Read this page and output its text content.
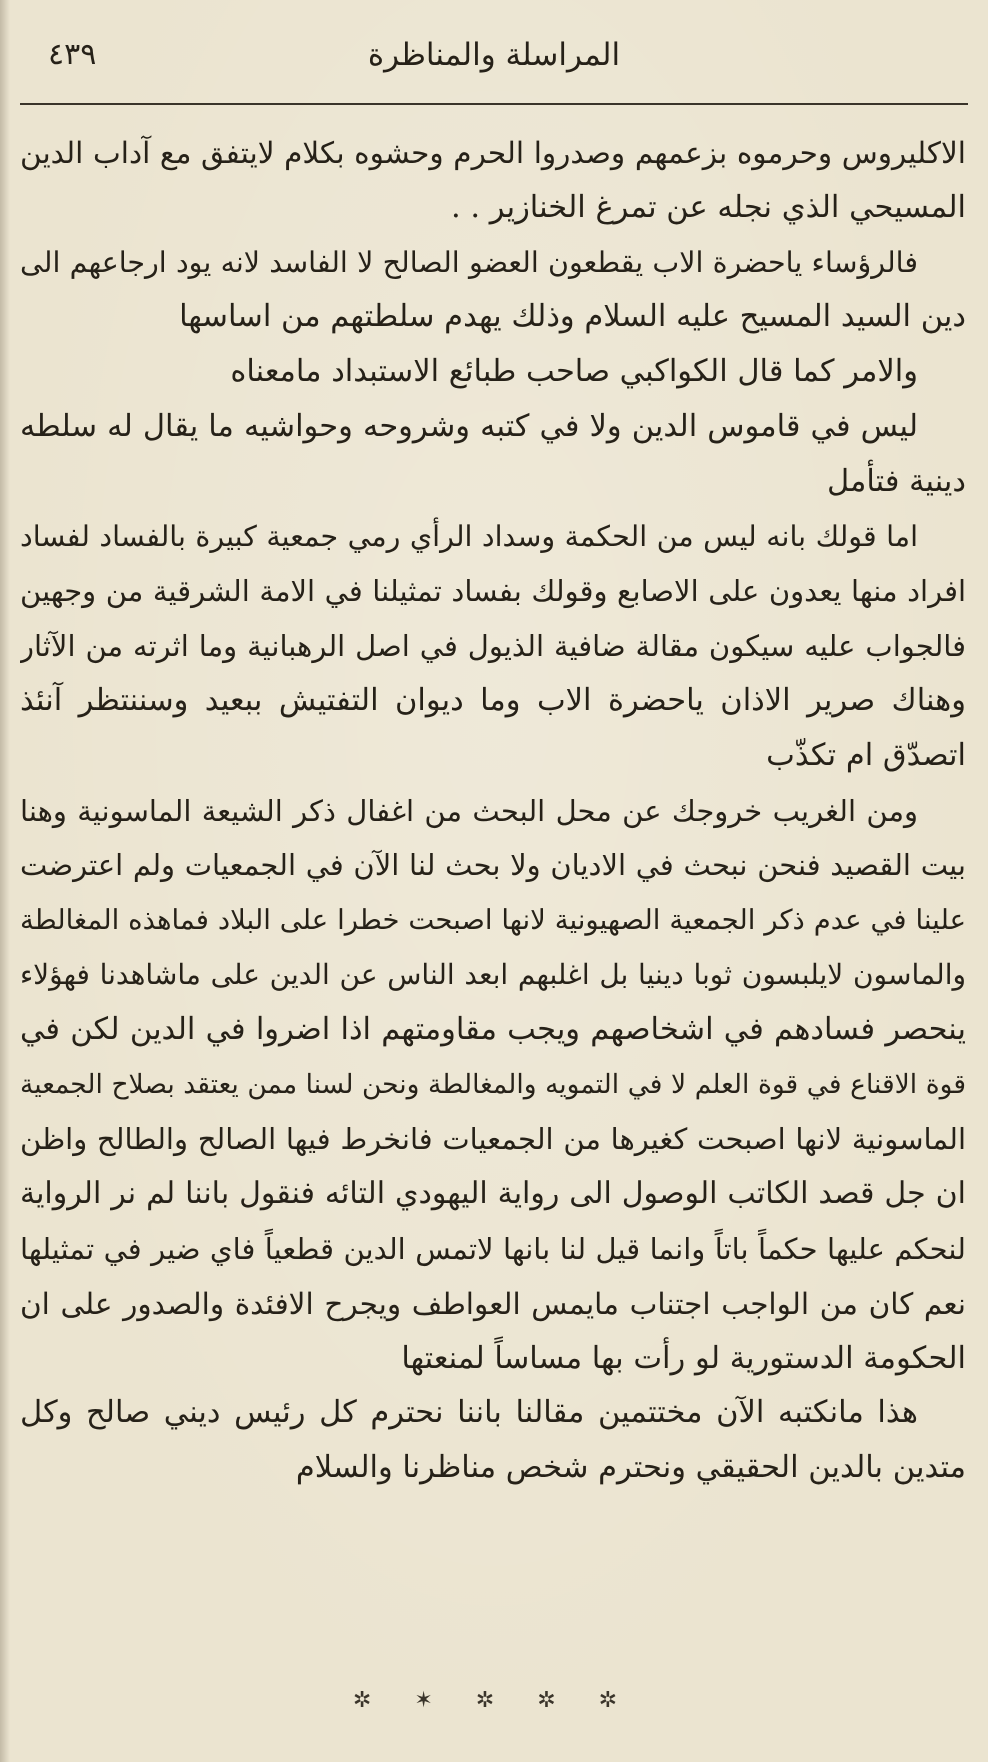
٤٣٩	المراسلة والمناظرة
الاكليروس وحرموه بزعمهم وصدروا الحرم وحشوه بكلام لايتفق مع آداب الدين
المسيحي الذي نجله عن تمرغ الخنازير . .
فالرؤساء ياحضرة الاب يقطعون العضو الصالح لا الفاسد لانه يود ارجاعهم الى
دين السيد المسيح عليه السلام وذلك يهدم سلطتهم من اساسها
والامر كما قال الكواكبي صاحب طبائع الاستبداد مامعناه
ليس في قاموس الدين ولا في كتبه وشروحه وحواشيه ما يقال له سلطه
دينية فتأمل
اما قولك بانه ليس من الحكمة وسداد الرأي رمي جمعية كبيرة بالفساد لفساد
افراد منها يعدون على الاصابع وقولك بفساد تمثيلنا في الامة الشرقية من وجهين
فالجواب عليه سيكون مقالة ضافية الذيول في اصل الرهبانية وما اثرته من الآثار
وهناك صرير الاذان ياحضرة الاب وما ديوان التفتيش ببعيد وسننتظر آنئذ
اتصدّق ام تكذّب
ومن الغريب خروجك عن محل البحث من اغفال ذكر الشيعة الماسونية وهنا
بيت القصيد فنحن نبحث في الاديان ولا بحث لنا الآن في الجمعيات ولم اعترضت
علينا في عدم ذكر الجمعية الصهيونية لانها اصبحت خطرا على البلاد فماهذه المغالطة
والماسون لايلبسون ثوبا دينيا بل اغلبهم ابعد الناس عن الدين على ماشاهدنا فهؤلاء
ينحصر فسادهم في اشخاصهم ويجب مقاومتهم اذا اضروا في الدين لكن في
قوة الاقناع في قوة العلم لا في التمويه والمغالطة ونحن لسنا ممن يعتقد بصلاح الجمعية
الماسونية لانها اصبحت كغيرها من الجمعيات فانخرط فيها الصالح والطالح واظن
ان جل قصد الكاتب الوصول الى رواية اليهودي التائه فنقول باننا لم نر الرواية
لنحكم عليها حكماً باتاً وانما قيل لنا بانها لاتمس الدين قطعياً فاي ضير في تمثيلها
نعم كان من الواجب اجتناب مايمس العواطف ويجرح الافئدة والصدور على ان
الحكومة الدستورية لو رأت بها مساساً لمنعتها
هذا مانكتبه الآن مختتمين مقالنا باننا نحترم كل رئيس ديني صالح وكل
متدين بالدين الحقيقي ونحترم شخص مناظرنا والسلام
✲ ✶ ✲ ✲ ✲
